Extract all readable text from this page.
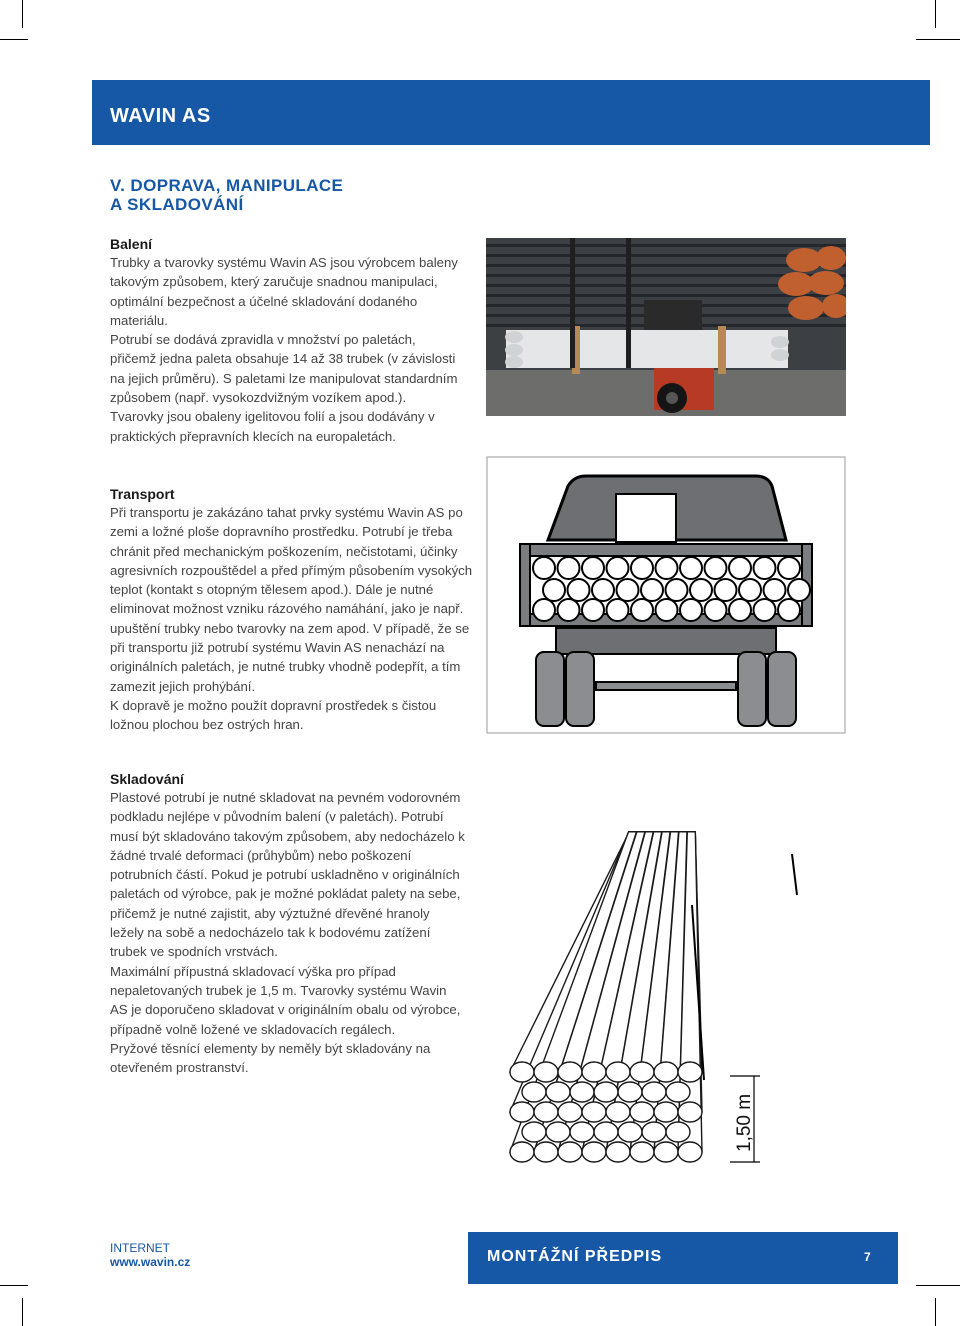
WAVIN AS
V. DOPRAVA, MANIPULACE
A SKLADOVÁNÍ
Balení

Trubky a tvarovky systému Wavin AS jsou výrobcem baleny takovým způsobem, který zaručuje snadnou manipulaci, optimální bezpečnost a účelné skladování dodaného materiálu.

Potrubí se dodává zpravidla v množství po paletách, přičemž jedna paleta obsahuje 14 až 38 trubek (v závislosti na jejich průměru). S paletami lze manipulovat standardním způsobem (např. vysokozdvižným vozíkem apod.).

Tvarovky jsou obaleny igelitovou folií a jsou dodávány v praktických přepravních klecích na europaletách.

Transport

Při transportu je zakázáno tahat prvky systému Wavin AS po zemi a ložné ploše dopravního prostředku. Potrubí je třeba chránit před mechanickým poškozením, nečistotami, účinky agresivních rozpouštědel a před přímým působením vysokých teplot (kontakt s otopným tělesem apod.). Dále je nutné eliminovat možnost vzniku rázového namáhání, jako je např. upuštění trubky nebo tvarovky na zem apod. V případě, že se při transportu již potrubí systému Wavin AS nenachází na originálních paletách, je nutné trubky vhodně podepřít, a tím zamezit jejich prohýbání.

K dopravě je možno použít dopravní prostředek s čistou ložnou plochou bez ostrých hran.

Skladování

Plastové potrubí je nutné skladovat na pevném vodorovném podkladu nejlépe v původním balení (v paletách). Potrubí musí být skladováno takovým způsobem, aby nedocházelo k žádné trvalé deformaci (průhybům) nebo poškození potrubních částí. Pokud je potrubí uskladněno v originálních paletách od výrobce, pak je možné pokládat palety na sebe, přičemž je nutné zajistit, aby výztužné dřevěné hranoly ležely na sobě a nedocházelo tak k bodovému zatížení trubek ve spodních vrstvách.

Maximální přípustná skladovací výška pro případ nepaletovaných trubek je 1,5 m. Tvarovky systému Wavin AS je doporučeno skladovat v originálním obalu od výrobce, případně volně ložené ve skladovacích regálech.

Pryžové těsnící elementy by neměly být skladovány na otevřeném prostranství.

1,50 m
INTERNET
www.wavin.cz	MONTÁŽNÍ PŘEDPIS	7
